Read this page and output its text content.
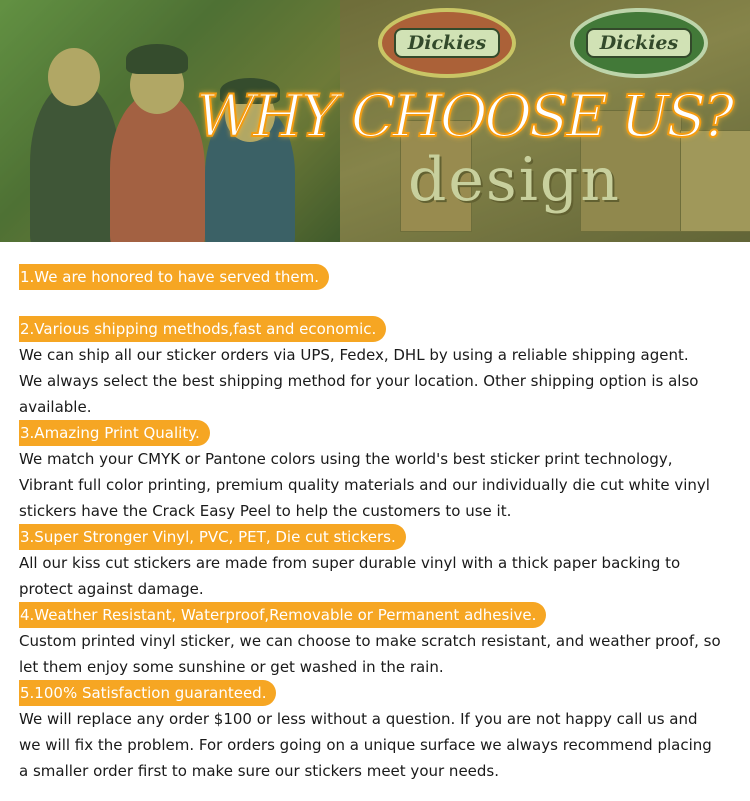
Dickies	Dickies
design
WHY CHOOSE US?
1.We are honored to have served them.
2.Various shipping methods,fast and economic.

We can ship all our sticker orders via UPS, Fedex, DHL by using a reliable shipping agent.

We always select the best shipping method for your location. Other shipping option is also

available.

3.Amazing Print Quality.

We match your CMYK or Pantone colors using the world's best sticker print technology,

Vibrant full color printing, premium quality materials and our individually die cut white vinyl

stickers have the Crack Easy Peel to help the customers to use it.

3.Super Stronger Vinyl, PVC, PET, Die cut stickers.

All our kiss cut stickers are made from super durable vinyl with a thick paper backing to

protect against damage.

4.Weather Resistant, Waterproof,Removable or Permanent adhesive.

Custom printed vinyl sticker, we can choose to make scratch resistant, and weather proof, so

let them enjoy some sunshine or get washed in the rain.

5.100% Satisfaction guaranteed.

We will replace any order $100 or less without a question. If you are not happy call us and

we will fix the problem. For orders going on a unique surface we always recommend placing

a smaller order first to make sure our stickers meet your needs.
